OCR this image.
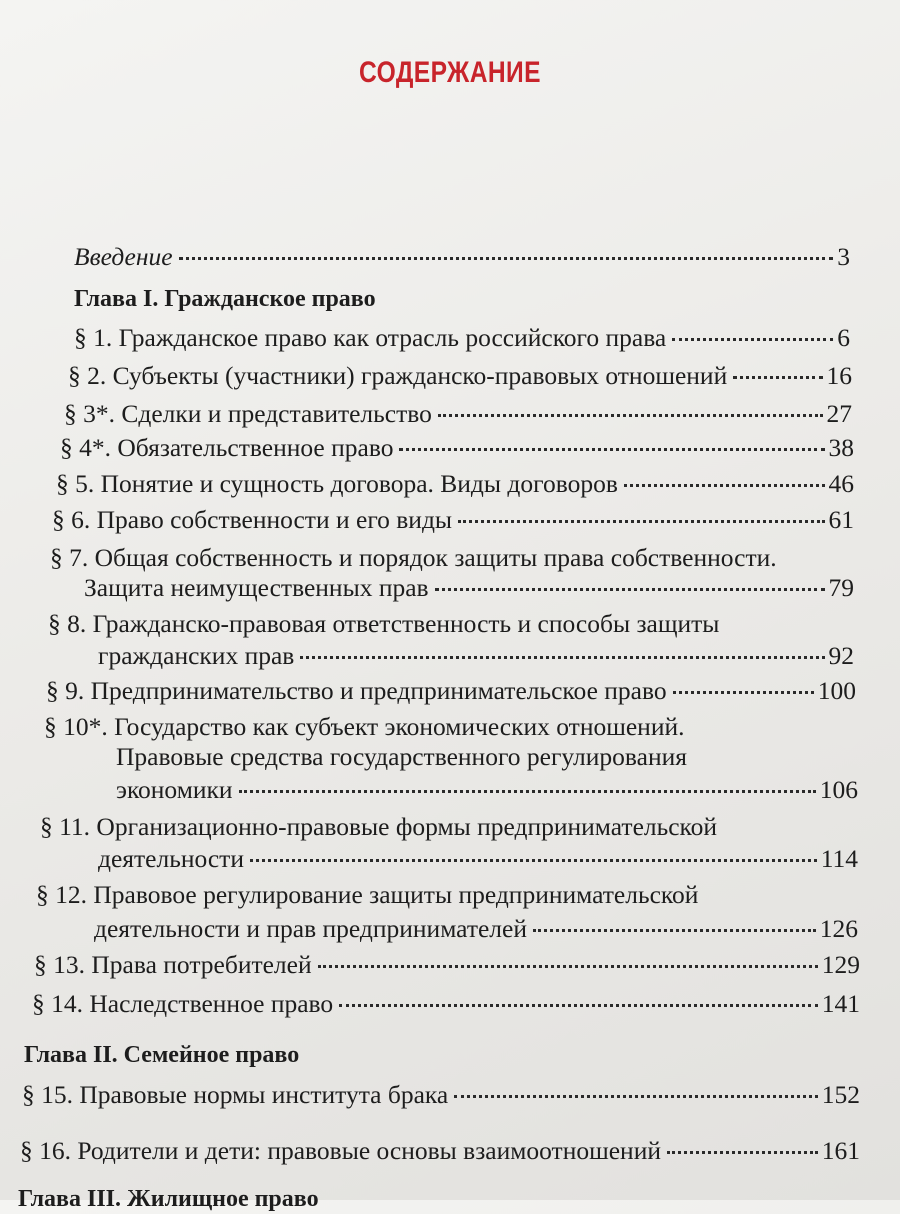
СОДЕРЖАНИЕ
Введение	3
Глава I. Гражданское право
§ 1. Гражданское право как отрасль российского права	6
§ 2. Субъекты (участники) гражданско-правовых отношений	16
§ 3*. Сделки и представительство	27
§ 4*. Обязательственное право	38
§ 5. Понятие и сущность договора. Виды договоров	46
§ 6. Право собственности и его виды	61
§ 7. Общая собственность и порядок защиты права собственности.
Защита неимущественных прав	79
§ 8. Гражданско-правовая ответственность и способы защиты
гражданских прав	92
§ 9. Предпринимательство и предпринимательское право	100
§ 10*. Государство как субъект экономических отношений.
Правовые средства государственного регулирования
экономики	106
§ 11. Организационно-правовые формы предпринимательской
деятельности	114
§ 12. Правовое регулирование защиты предпринимательской
деятельности и прав предпринимателей	126
§ 13. Права потребителей	129
§ 14. Наследственное право	141
Глава II. Семейное право
§ 15. Правовые нормы института брака	152
§ 16. Родители и дети: правовые основы взаимоотношений	161
Глава III. Жилищное право
